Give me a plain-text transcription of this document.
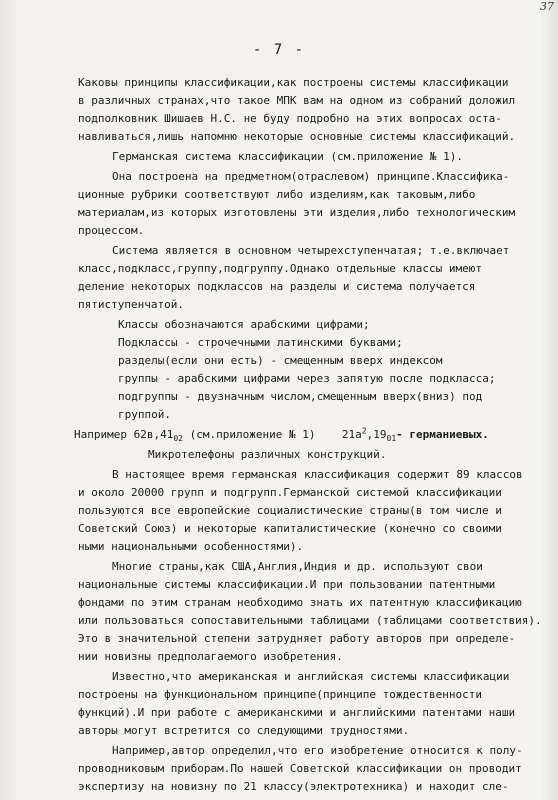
37
- 7 -
Каковы принципы классификации,как построены системы классификации
в различных странах,что такое МПК вам на одном из собраний доложил
подполковник Шишаев Н.С. не буду подробно на этих вопросах оста-
навливаться,лишь напомню некоторые основные системы классификаций.
Германская система классификации (см.приложение № 1).
Она построена на предметном(отраслевом) принципе.Классифика-
ционные рубрики соответствуют либо изделиям,как таковым,либо
материалам,из которых изготовлены эти изделия,либо технологическим
процессом.
Система является в основном четырехступенчатая; т.е.включает
класс,подкласс,группу,подгруппу.Однако отдельные классы имеют
деление некоторых подклассов на разделы и система получается
пятиступенчатой.
Классы обозначаются арабскими цифрами;
Подклассы - строчечными латинскими буквами;
разделы(если они есть) - смещенным вверх индексом
группы - арабскими цифрами через запятую после подкласса;
подгруппы - двузначным числом,смещенным вверх(вниз) под
группой.
Например $62в,41_{02}$ (см.приложение № 1)    $21а^2,19_{01}-$ германиевых.
Микротелефоны различных конструкций.
В настоящее время германская классификация содержит 89 классов
и около 20000 групп и подгрупп.Германской системой классификации
пользуются все европейские социалистические страны(в том числе и
Советский Союз) и некоторые капиталистические (конечно со своими
ными национальными особенностями).
Многие страны,как США,Англия,Индия и др. используют свои
национальные системы классификации.И при пользовании патентными
фондами по этим странам необходимо знать их патентную классификацию
или пользоваться сопоставительными таблицами (таблицами соответствия).
Это в значительной степени затрудняет работу авторов при определе-
нии новизны предполагаемого изобретения.
Известно,что американская и английская системы классификации
построены на функциональном принципе(принципе тождественности
функций).И при работе с американскими и английскими патентами наши
авторы могут встретится со следующими трудностями.
Например,автор определил,что его изобретение относится к полу-
проводниковым приборам.По нашей Советской классификации он проводит
экспертизу на новизну по 21 классу(электротехника) и находит сле-
